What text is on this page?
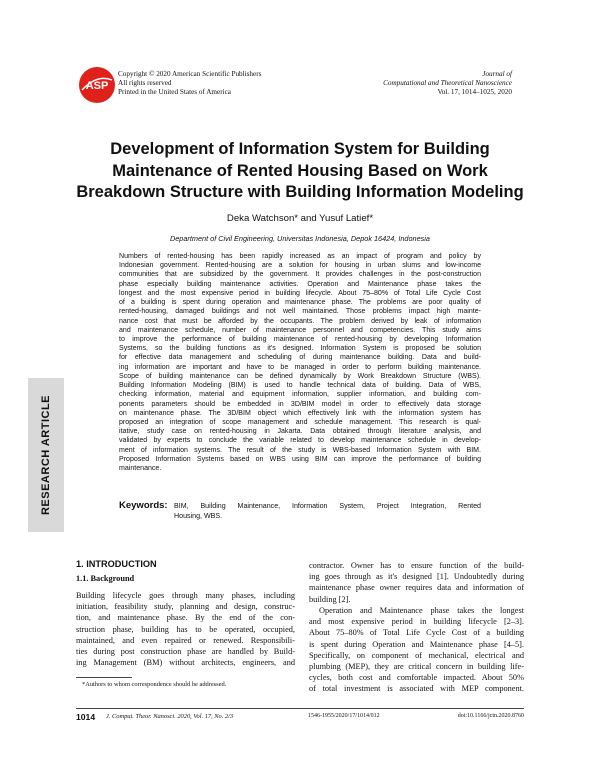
ASP
Copyright © 2020 American Scientific Publishers
All rights reserved
Printed in the United States of America
Journal of
Computational and Theoretical Nanoscience
Vol. 17, 1014–1025, 2020
Development of Information System for Building
Maintenance of Rented Housing Based on Work
Breakdown Structure with Building Information Modeling
Deka Watchson* and Yusuf Latief*
Department of Civil Engineering, Universitas Indonesia, Depok 16424, Indonesia
Numbers of rented-housing has been rapidly increased as an impact of program and policy by
Indonesian government. Rented-housing are a solution for housing in urban slums and low-income
communities that are subsidized by the government. It provides challenges in the post-construction
phase especially building maintenance activities. Operation and Maintenance phase takes the
longest and the most expensive period in building lifecycle. About 75–80% of Total Life Cycle Cost
of a building is spent during operation and maintenance phase. The problems are poor quality of
rented-housing, damaged buildings and not well maintained. Those problems impact high mainte-
nance cost that must be afforded by the occupants. The problem derived by leak of information
and maintenance schedule, number of maintenance personnel and competencies. This study aims
to improve the performance of building maintenance of rented-housing by developing Information
Systems, so the building functions as it's designed. Information System is proposed be solution
for effective data management and scheduling of during maintenance building. Data and build-
ing information are important and have to be managed in order to perform building maintenance.
Scope of building maintenance can be defined dynamically by Work Breakdown Structure (WBS).
Building Information Modeling (BIM) is used to handle technical data of building. Data of WBS,
checking information, material and equipment information, supplier information, and building com-
ponents parameters should be embedded in 3D/BIM model in order to effectively data storage
on maintenance phase. The 3D/BIM object which effectively link with the information system has
proposed an integration of scope management and schedule management. This research is qual-
itative, study case on rented-housing in Jakarta. Data obtained through literature analysis, and
validated by experts to conclude the variable related to develop maintenance schedule in develop-
ment of information systems. The result of the study is WBS-based Information System with BIM.
Proposed Information Systems based on WBS using BIM can improve the performance of building
maintenance.
Keywords: BIM, Building Maintenance, Information System, Project Integration, Rented
Housing, WBS.
RESEARCH ARTICLE
1. INTRODUCTION
1.1. Background
Building lifecycle goes through many phases, including
initiation, feasibility study, planning and design, construc-
tion, and maintenance phase. By the end of the con-
struction phase, building has to be operated, occupied,
maintained, and even repaired or renewed. Responsibili-
ties during post construction phase are handled by Build-
ing Management (BM) without architects, engineers, and
contractor. Owner has to ensure function of the build-
ing goes through as it's designed [1]. Undoubtedly during
maintenance phase owner requires data and information of
building [2].
Operation and Maintenance phase takes the longest
and most expensive period in building lifecycle [2–3].
About 75–80% of Total Life Cycle Cost of a building
is spent during Operation and Maintenance phase [4–5].
Specifically, on component of mechanical, electrical and
plumbing (MEP), they are critical concern in building life-
cycles, both cost and comfortable impacted. About 50%
of total investment is associated with MEP component.
*Authors to whom correspondence should be addressed.
1014 J. Comput. Theor. Nanosci. 2020, Vol. 17, No. 2/3	1546-1955/2020/17/1014/012	doi:10.1166/jctn.2020.8760
